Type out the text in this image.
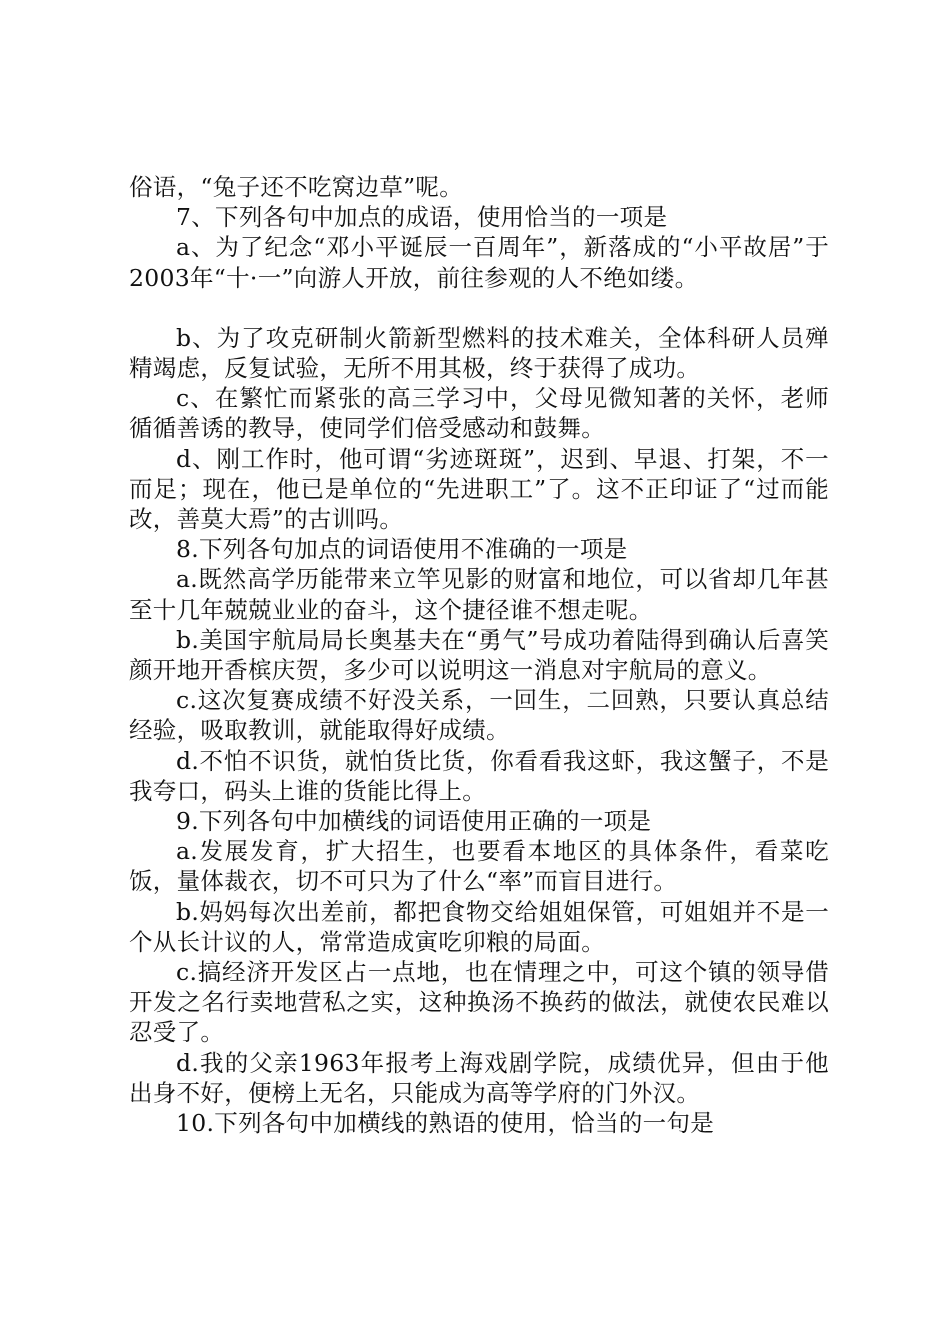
俗语，“兔子还不吃窝边草”呢。

7、下列各句中加点的成语，使用恰当的一项是

a、为了纪念“邓小平诞辰一百周年”，新落成的“小平故居”于2003年“十·一”向游人开放，前往参观的人不绝如缕。

b、为了攻克研制火箭新型燃料的技术难关，全体科研人员殚精竭虑，反复试验，无所不用其极，终于获得了成功。

c、在繁忙而紧张的高三学习中，父母见微知著的关怀，老师循循善诱的教导，使同学们倍受感动和鼓舞。

d、刚工作时，他可谓“劣迹斑斑”，迟到、早退、打架，不一而足；现在，他已是单位的“先进职工”了。这不正印证了“过而能改，善莫大焉”的古训吗。

8.下列各句加点的词语使用不准确的一项是

a.既然高学历能带来立竿见影的财富和地位，可以省却几年甚至十几年兢兢业业的奋斗，这个捷径谁不想走呢。

b.美国宇航局局长奥基夫在“勇气”号成功着陆得到确认后喜笑颜开地开香槟庆贺，多少可以说明这一消息对宇航局的意义。

c.这次复赛成绩不好没关系，一回生，二回熟，只要认真总结经验，吸取教训，就能取得好成绩。

d.不怕不识货，就怕货比货，你看看我这虾，我这蟹子，不是我夸口，码头上谁的货能比得上。

9.下列各句中加横线的词语使用正确的一项是

a.发展发育，扩大招生，也要看本地区的具体条件，看菜吃饭，量体裁衣，切不可只为了什么“率”而盲目进行。

b.妈妈每次出差前，都把食物交给姐姐保管，可姐姐并不是一个从长计议的人，常常造成寅吃卯粮的局面。

c.搞经济开发区占一点地，也在情理之中，可这个镇的领导借开发之名行卖地营私之实，这种换汤不换药的做法，就使农民难以忍受了。

d.我的父亲1963年报考上海戏剧学院，成绩优异，但由于他出身不好，便榜上无名，只能成为高等学府的门外汉。

10.下列各句中加横线的熟语的使用，恰当的一句是
